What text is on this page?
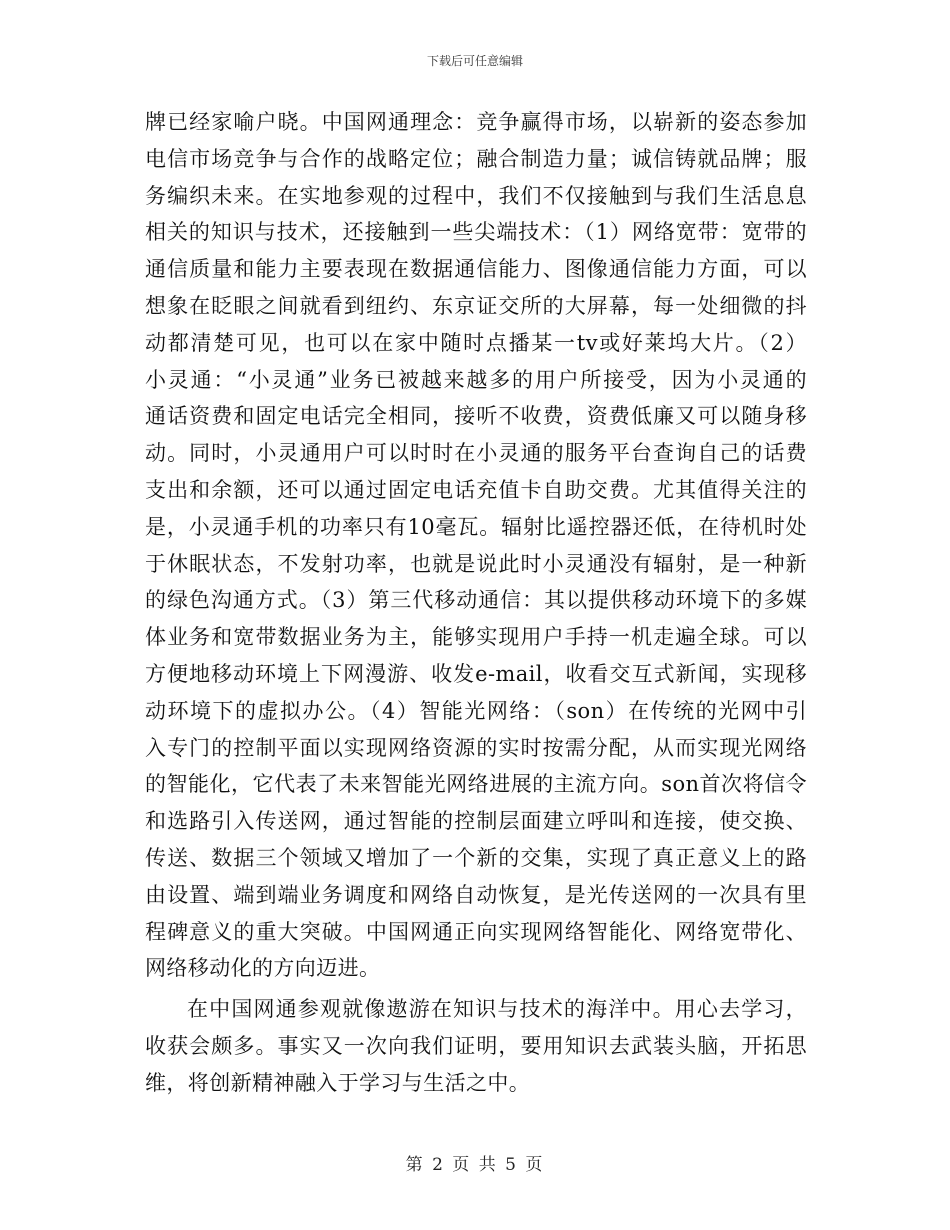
下载后可任意编辑
牌已经家喻户晓。中国网通理念：竞争赢得市场，以崭新的姿态参加
电信市场竞争与合作的战略定位；融合制造力量；诚信铸就品牌；服
务编织未来。在实地参观的过程中，我们不仅接触到与我们生活息息
相关的知识与技术，还接触到一些尖端技术：（1）网络宽带：宽带的
通信质量和能力主要表现在数据通信能力、图像通信能力方面，可以
想象在眨眼之间就看到纽约、东京证交所的大屏幕，每一处细微的抖
动都清楚可见，也可以在家中随时点播某一tv或好莱坞大片。（2）
小灵通：“小灵通”业务已被越来越多的用户所接受，因为小灵通的
通话资费和固定电话完全相同，接听不收费，资费低廉又可以随身移
动。同时，小灵通用户可以时时在小灵通的服务平台查询自己的话费
支出和余额，还可以通过固定电话充值卡自助交费。尤其值得关注的
是，小灵通手机的功率只有10毫瓦。辐射比遥控器还低，在待机时处
于休眠状态，不发射功率，也就是说此时小灵通没有辐射，是一种新
的绿色沟通方式。（3）第三代移动通信：其以提供移动环境下的多媒
体业务和宽带数据业务为主，能够实现用户手持一机走遍全球。可以
方便地移动环境上下网漫游、收发e-mail，收看交互式新闻，实现移
动环境下的虚拟办公。（4）智能光网络：（son）在传统的光网中引
入专门的控制平面以实现网络资源的实时按需分配，从而实现光网络
的智能化，它代表了未来智能光网络进展的主流方向。son首次将信令
和选路引入传送网，通过智能的控制层面建立呼叫和连接，使交换、
传送、数据三个领域又增加了一个新的交集，实现了真正意义上的路
由设置、端到端业务调度和网络自动恢复，是光传送网的一次具有里
程碑意义的重大突破。中国网通正向实现网络智能化、网络宽带化、
网络移动化的方向迈进。
在中国网通参观就像遨游在知识与技术的海洋中。用心去学习，
收获会颇多。事实又一次向我们证明，要用知识去武装头脑，开拓思
维，将创新精神融入于学习与生活之中。
第 2 页 共 5 页
